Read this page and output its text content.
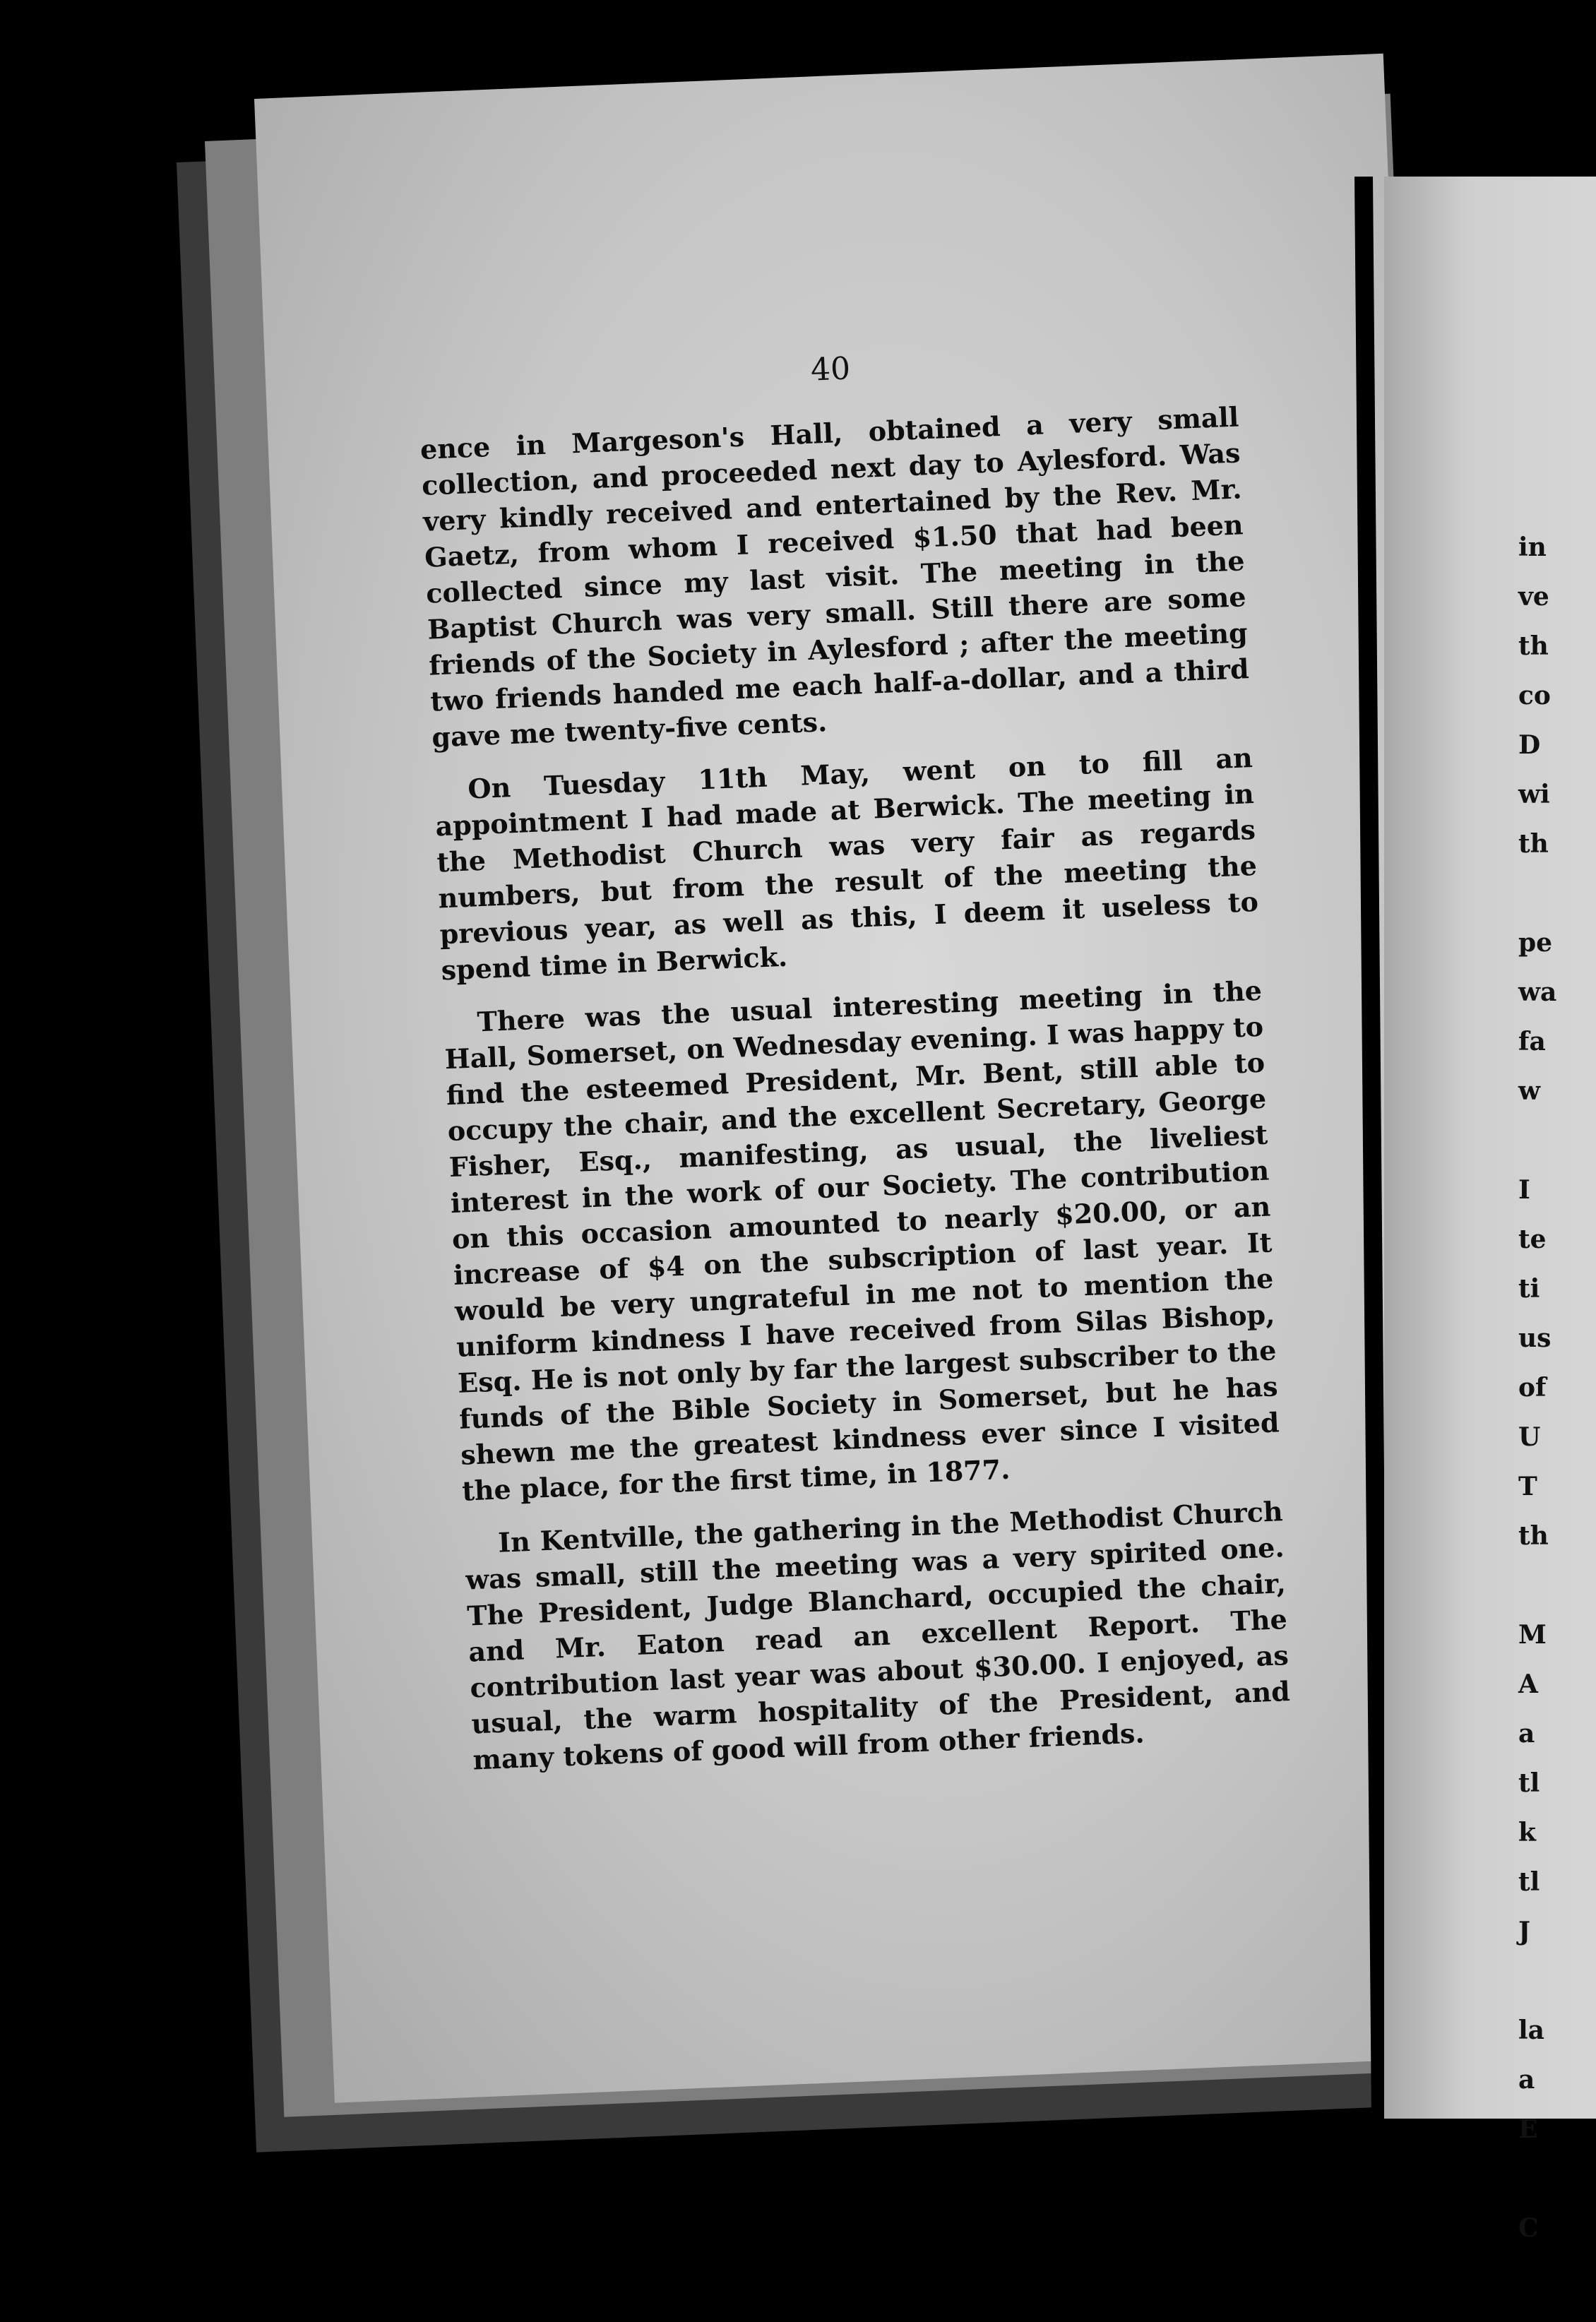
40

ence in Margeson's Hall, obtained a very small collection, and proceeded next day to Aylesford. Was very kindly received and entertained by the Rev. Mr. Gaetz, from whom I received $1.50 that had been collected since my last visit. The meeting in the Baptist Church was very small. Still there are some friends of the Society in Aylesford ; after the meeting two friends handed me each half-a-dollar, and a third gave me twenty-five cents.

On Tuesday 11th May, went on to fill an appointment I had made at Berwick. The meeting in the Methodist Church was very fair as regards numbers, but from the result of the meeting the previous year, as well as this, I deem it useless to spend time in Berwick.

There was the usual interesting meeting in the Hall, Somerset, on Wednesday evening. I was happy to find the esteemed President, Mr. Bent, still able to occupy the chair, and the excellent Secretary, George Fisher, Esq., manifesting, as usual, the liveliest interest in the work of our Society. The contribution on this occasion amounted to nearly $20.00, or an increase of $4 on the subscription of last year. It would be very ungrateful in me not to mention the uniform kindness I have received from Silas Bishop, Esq. He is not only by far the largest subscriber to the funds of the Bible Society in Somerset, but he has shewn me the greatest kindness ever since I visited the place, for the first time, in 1877.

In Kentville, the gathering in the Methodist Church was small, still the meeting was a very spirited one. The President, Judge Blanchard, occupied the chair, and Mr. Eaton read an excellent Report. The contribution last year was about $30.00. I enjoyed, as usual, the warm hospitality of the President, and many tokens of good will from other friends.

in
ve
th
co
D
wi
th
pe
wa
fa
w
I
te
ti
us
of
U
T
th
M
A
a
tl
k
tl
J
la
a
E
C
